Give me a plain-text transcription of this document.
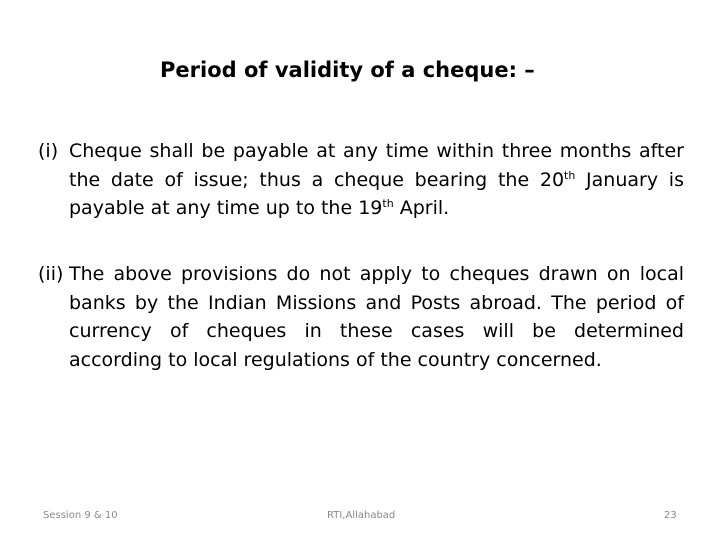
Period of validity of a cheque: –
(i) Cheque shall be payable at any time within three months after the date of issue; thus a cheque bearing the 20th January is payable at any time up to the 19th April.
(ii) The above provisions do not apply to cheques drawn on local banks by the Indian Missions and Posts abroad. The period of currency of cheques in these cases will be determined according to local regulations of the country concerned.
Session 9 & 10	RTI,Allahabad	23
